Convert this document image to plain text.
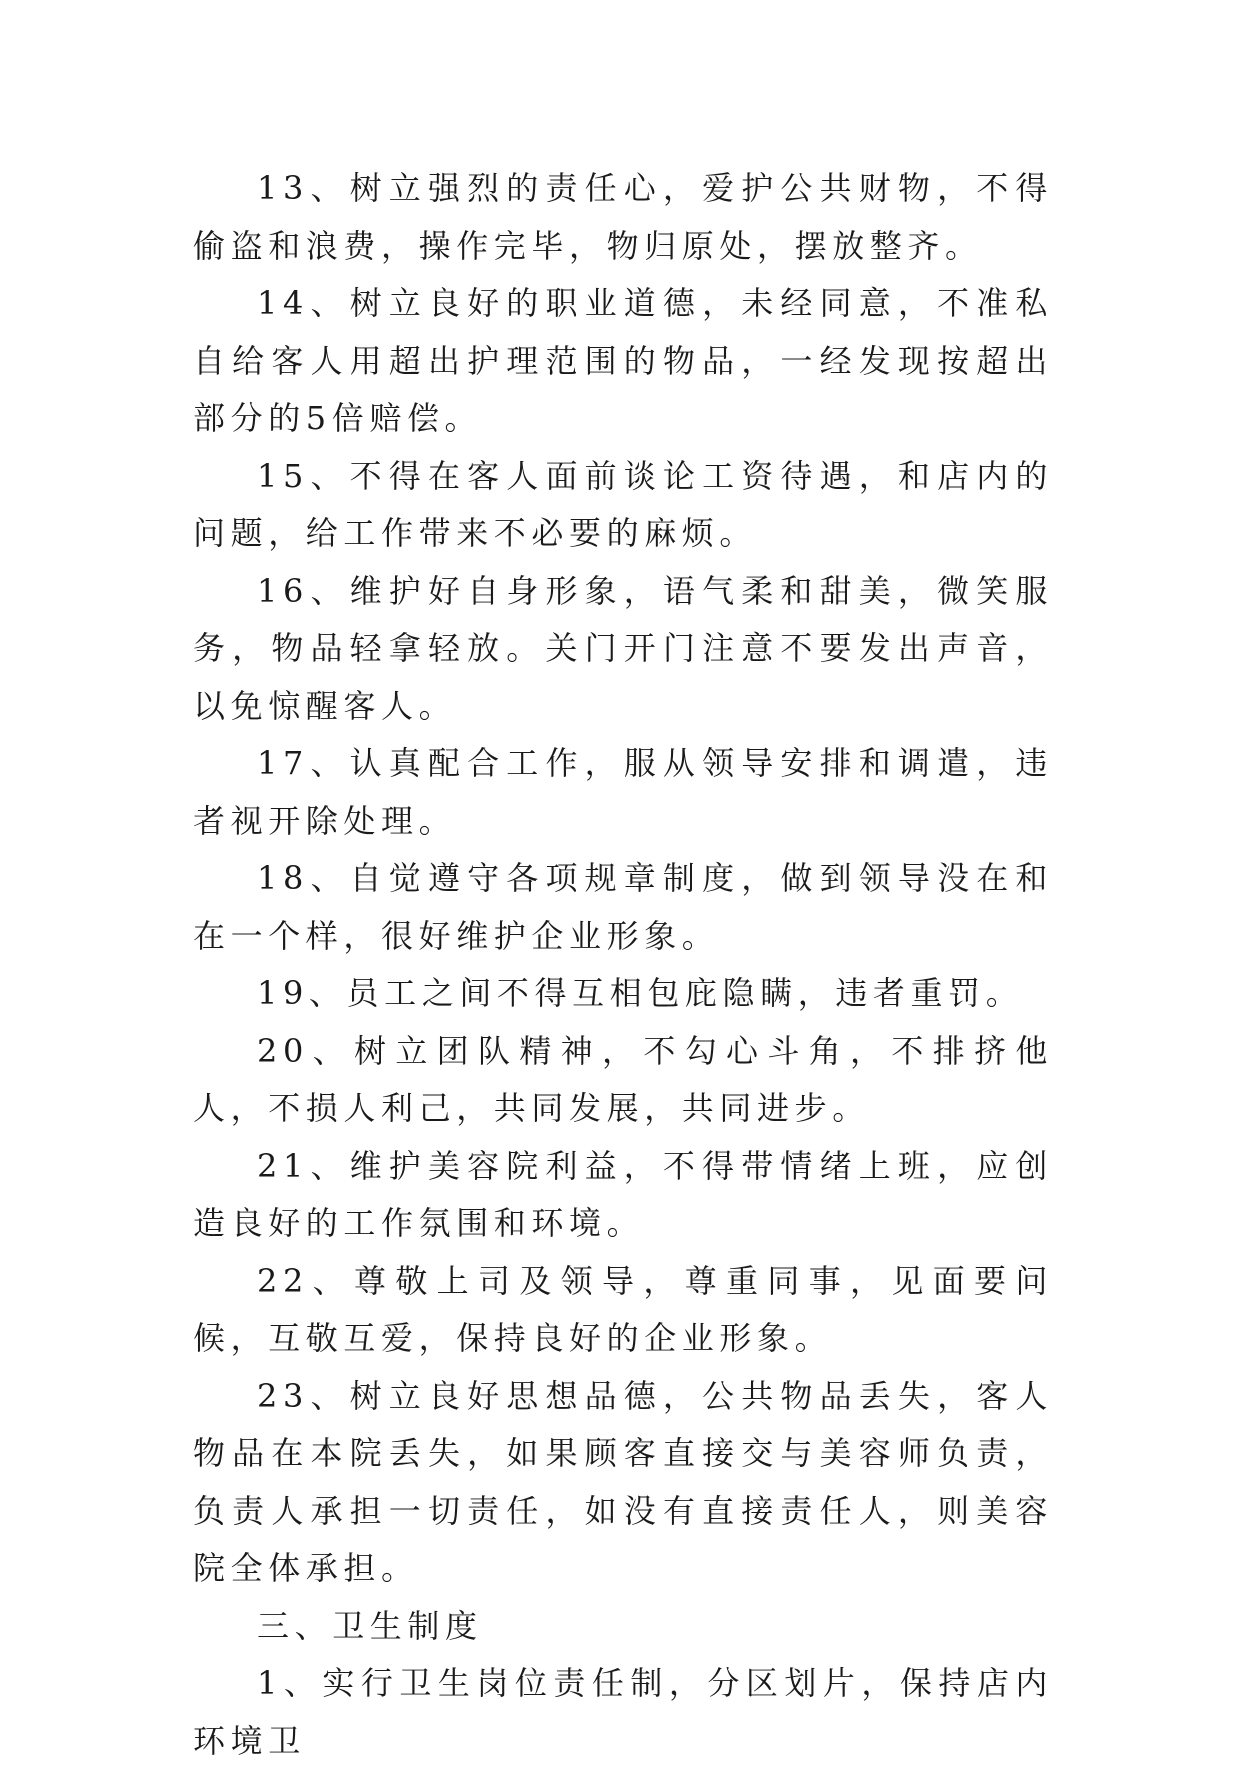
13、树立强烈的责任心，爱护公共财物，不得偷盗和浪费，操作完毕，物归原处，摆放整齐。

14、树立良好的职业道德，未经同意，不准私自给客人用超出护理范围的物品，一经发现按超出部分的5倍赔偿。

15、不得在客人面前谈论工资待遇，和店内的问题，给工作带来不必要的麻烦。

16、维护好自身形象，语气柔和甜美，微笑服务，物品轻拿轻放。关门开门注意不要发出声音，以免惊醒客人。

17、认真配合工作，服从领导安排和调遣，违者视开除处理。

18、自觉遵守各项规章制度，做到领导没在和在一个样，很好维护企业形象。

19、员工之间不得互相包庇隐瞒，违者重罚。

20、树立团队精神，不勾心斗角，不排挤他人，不损人利己，共同发展，共同进步。

21、维护美容院利益，不得带情绪上班，应创造良好的工作氛围和环境。

22、尊敬上司及领导，尊重同事，见面要问候，互敬互爱，保持良好的企业形象。

23、树立良好思想品德，公共物品丢失，客人物品在本院丢失，如果顾客直接交与美容师负责，负责人承担一切责任，如没有直接责任人，则美容院全体承担。

三、卫生制度

1、实行卫生岗位责任制，分区划片，保持店内环境卫
